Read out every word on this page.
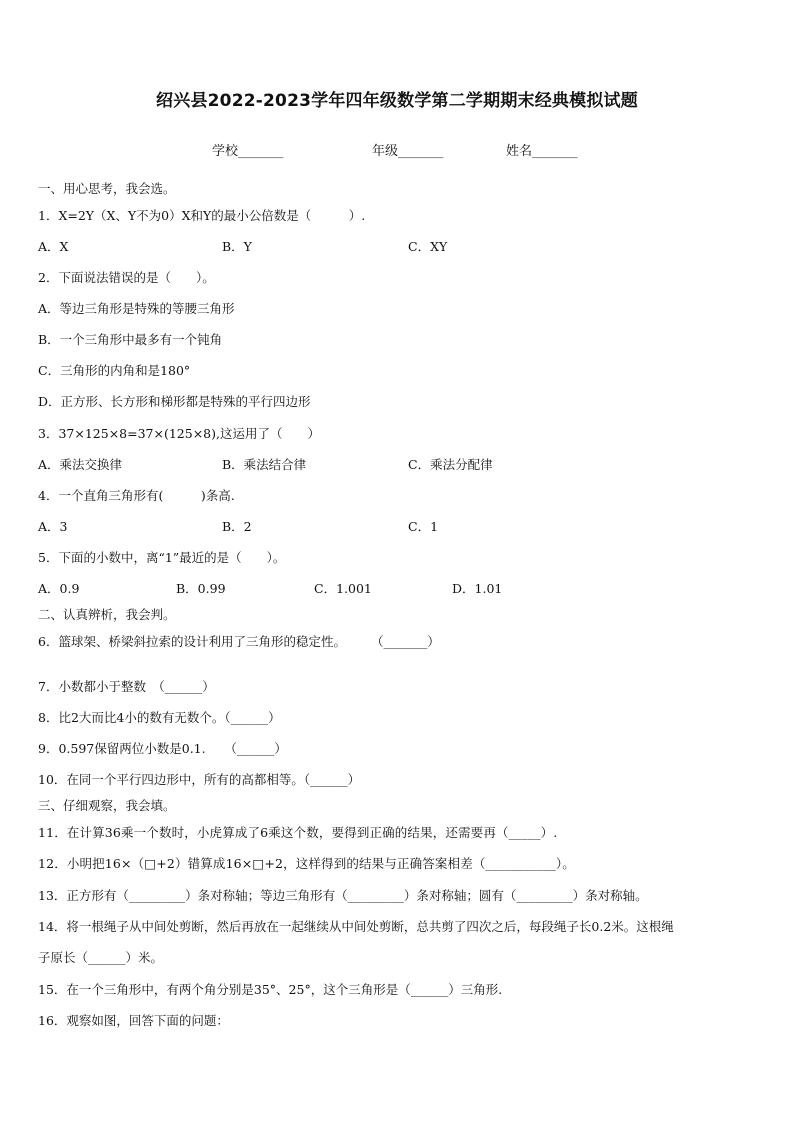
绍兴县2022-2023学年四年级数学第二学期期末经典模拟试题
学校_______	年级_______	姓名_______
一、用心思考，我会选。
1．X=2Y（X、Y不为0）X和Y的最小公倍数是（　　　）.
A．X	B．Y	C．XY
2．下面说法错误的是（　　）。
A．等边三角形是特殊的等腰三角形
B．一个三角形中最多有一个钝角
C．三角形的内角和是180°
D．正方形、长方形和梯形都是特殊的平行四边形
3．37×125×8=37×(125×8),这运用了（　　）
A．乘法交换律	B．乘法结合律	C．乘法分配律
4．一个直角三角形有(　　　)条高.
A．3	B．2	C．1
5．下面的小数中，离“1”最近的是（　　）。
A．0.9	B．0.99	C．1.001	D．1.01
二、认真辨析，我会判。
6．篮球架、桥梁斜拉索的设计利用了三角形的稳定性。　　　（_______）
7．小数都小于整数　（______）
8．比2大而比4小的数有无数个。（______）
9．0.597保留两位小数是0.1.　　（______）
10．在同一个平行四边形中，所有的高都相等。（______）
三、仔细观察，我会填。
11．在计算36乘一个数时，小虎算成了6乘这个数，要得到正确的结果，还需要再（_____）.
12．小明把16×（□+2）错算成16×□+2，这样得到的结果与正确答案相差（___________）。
13．正方形有（_________）条对称轴；等边三角形有（_________）条对称轴；圆有（_________）条对称轴。
14．将一根绳子从中间处剪断，然后再放在一起继续从中间处剪断，总共剪了四次之后，每段绳子长0.2米。这根绳
子原长（______）米。
15．在一个三角形中，有两个角分别是35°、25°，这个三角形是（______）三角形.
16．观察如图，回答下面的问题：
